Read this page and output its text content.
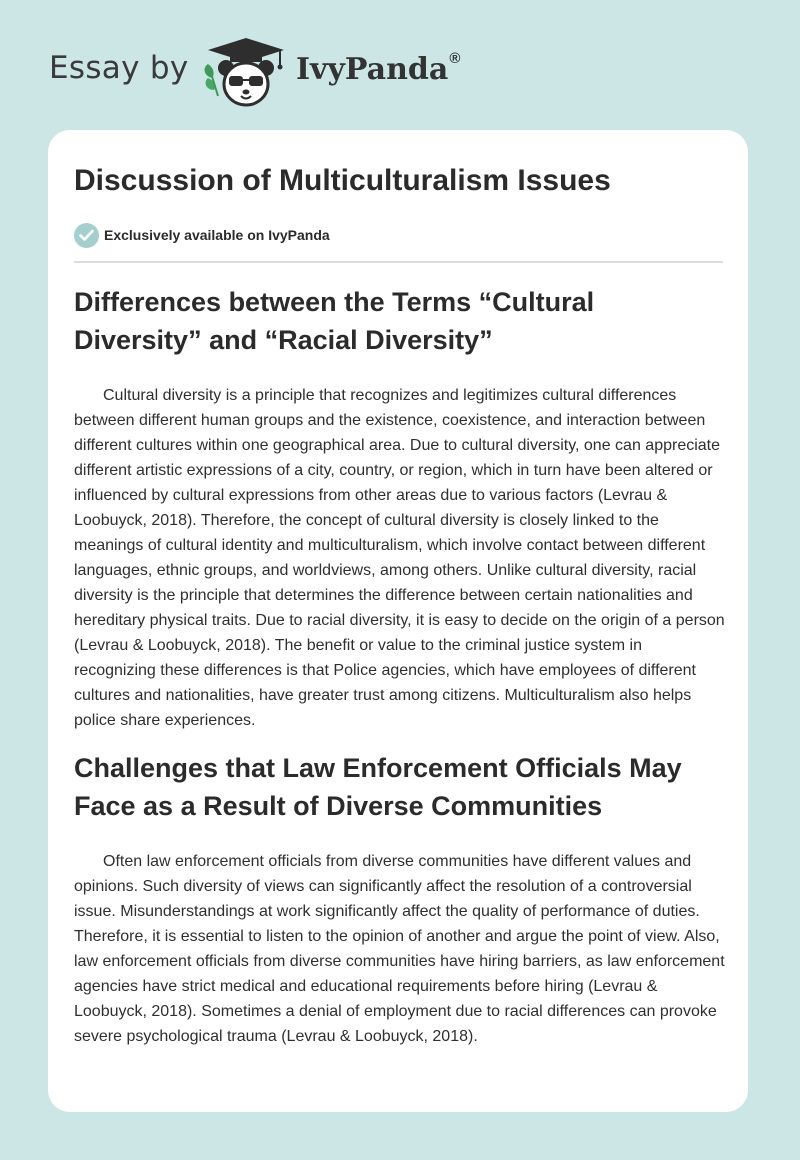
Essay by	IvyPanda®
Discussion of Multiculturalism Issues
Exclusively available on IvyPanda
Differences between the Terms “Cultural Diversity” and “Racial Diversity”

Cultural diversity is a principle that recognizes and legitimizes cultural differences between different human groups and the existence, coexistence, and interaction between different cultures within one geographical area. Due to cultural diversity, one can appreciate different artistic expressions of a city, country, or region, which in turn have been altered or influenced by cultural expressions from other areas due to various factors (Levrau & Loobuyck, 2018). Therefore, the concept of cultural diversity is closely linked to the meanings of cultural identity and multiculturalism, which involve contact between different languages, ethnic groups, and worldviews, among others. Unlike cultural diversity, racial diversity is the principle that determines the difference between certain nationalities and hereditary physical traits. Due to racial diversity, it is easy to decide on the origin of a person (Levrau & Loobuyck, 2018). The benefit or value to the criminal justice system in recognizing these differences is that Police agencies, which have employees of different cultures and nationalities, have greater trust among citizens. Multiculturalism also helps police share experiences.

Challenges that Law Enforcement Officials May Face as a Result of Diverse Communities

Often law enforcement officials from diverse communities have different values and opinions. Such diversity of views can significantly affect the resolution of a controversial issue. Misunderstandings at work significantly affect the quality of performance of duties. Therefore, it is essential to listen to the opinion of another and argue the point of view. Also, law enforcement officials from diverse communities have hiring barriers, as law enforcement agencies have strict medical and educational requirements before hiring (Levrau & Loobuyck, 2018). Sometimes a denial of employment due to racial differences can provoke severe psychological trauma (Levrau & Loobuyck, 2018).
